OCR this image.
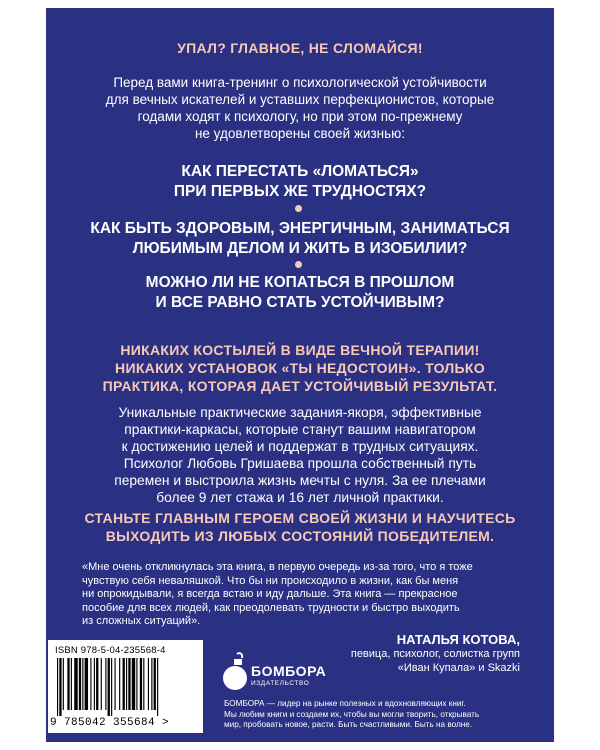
УПАЛ? ГЛАВНОЕ, НЕ СЛОМАЙСЯ!
Перед вами книга-тренинг о психологической устойчивости
для вечных искателей и уставших перфекционистов, которые
годами ходят к психологу, но при этом по-прежнему
не удовлетворены своей жизнью:
КАК ПЕРЕСТАТЬ «ЛОМАТЬСЯ»
ПРИ ПЕРВЫХ ЖЕ ТРУДНОСТЯХ?
КАК БЫТЬ ЗДОРОВЫМ, ЭНЕРГИЧНЫМ, ЗАНИМАТЬСЯ
ЛЮБИМЫМ ДЕЛОМ И ЖИТЬ В ИЗОБИЛИИ?
МОЖНО ЛИ НЕ КОПАТЬСЯ В ПРОШЛОМ
И ВСЕ РАВНО СТАТЬ УСТОЙЧИВЫМ?
НИКАКИХ КОСТЫЛЕЙ В ВИДЕ ВЕЧНОЙ ТЕРАПИИ!
НИКАКИХ УСТАНОВОК «ТЫ НЕДОСТОИН». ТОЛЬКО
ПРАКТИКА, КОТОРАЯ ДАЕТ УСТОЙЧИВЫЙ РЕЗУЛЬТАТ.
Уникальные практические задания-якоря, эффективные
практики-каркасы, которые станут вашим навигатором
к достижению целей и поддержат в трудных ситуациях.
Психолог Любовь Гришаева прошла собственный путь
перемен и выстроила жизнь мечты с нуля. За ее плечами
более 9 лет стажа и 16 лет личной практики.
СТАНЬТЕ ГЛАВНЫМ ГЕРОЕМ СВОЕЙ ЖИЗНИ И НАУЧИТЕСЬ
ВЫХОДИТЬ ИЗ ЛЮБЫХ СОСТОЯНИЙ ПОБЕДИТЕЛЕМ.
«Мне очень откликнулась эта книга, в первую очередь из-за того, что я тоже
чувствую себя неваляшкой. Что бы ни происходило в жизни, как бы меня
ни опрокидывали, я всегда встаю и иду дальше. Эта книга — прекрасное
пособие для всех людей, как преодолевать трудности и быстро выходить
из сложных ситуаций».
НАТАЛЬЯ КОТОВА,
певица, психолог, солистка групп
«Иван Купала» и Skazki
БОМБОРА
ИЗДАТЕЛЬСТВО
БОМБОРА — лидер на рынке полезных и вдохновляющих книг.
Мы любим книги и создаем их, чтобы вы могли творить, открывать
мир, пробовать новое, расти. Быть счастливыми. Быть на волне.
ISBN 978-5-04-235568-4
9 785042 355684 >
